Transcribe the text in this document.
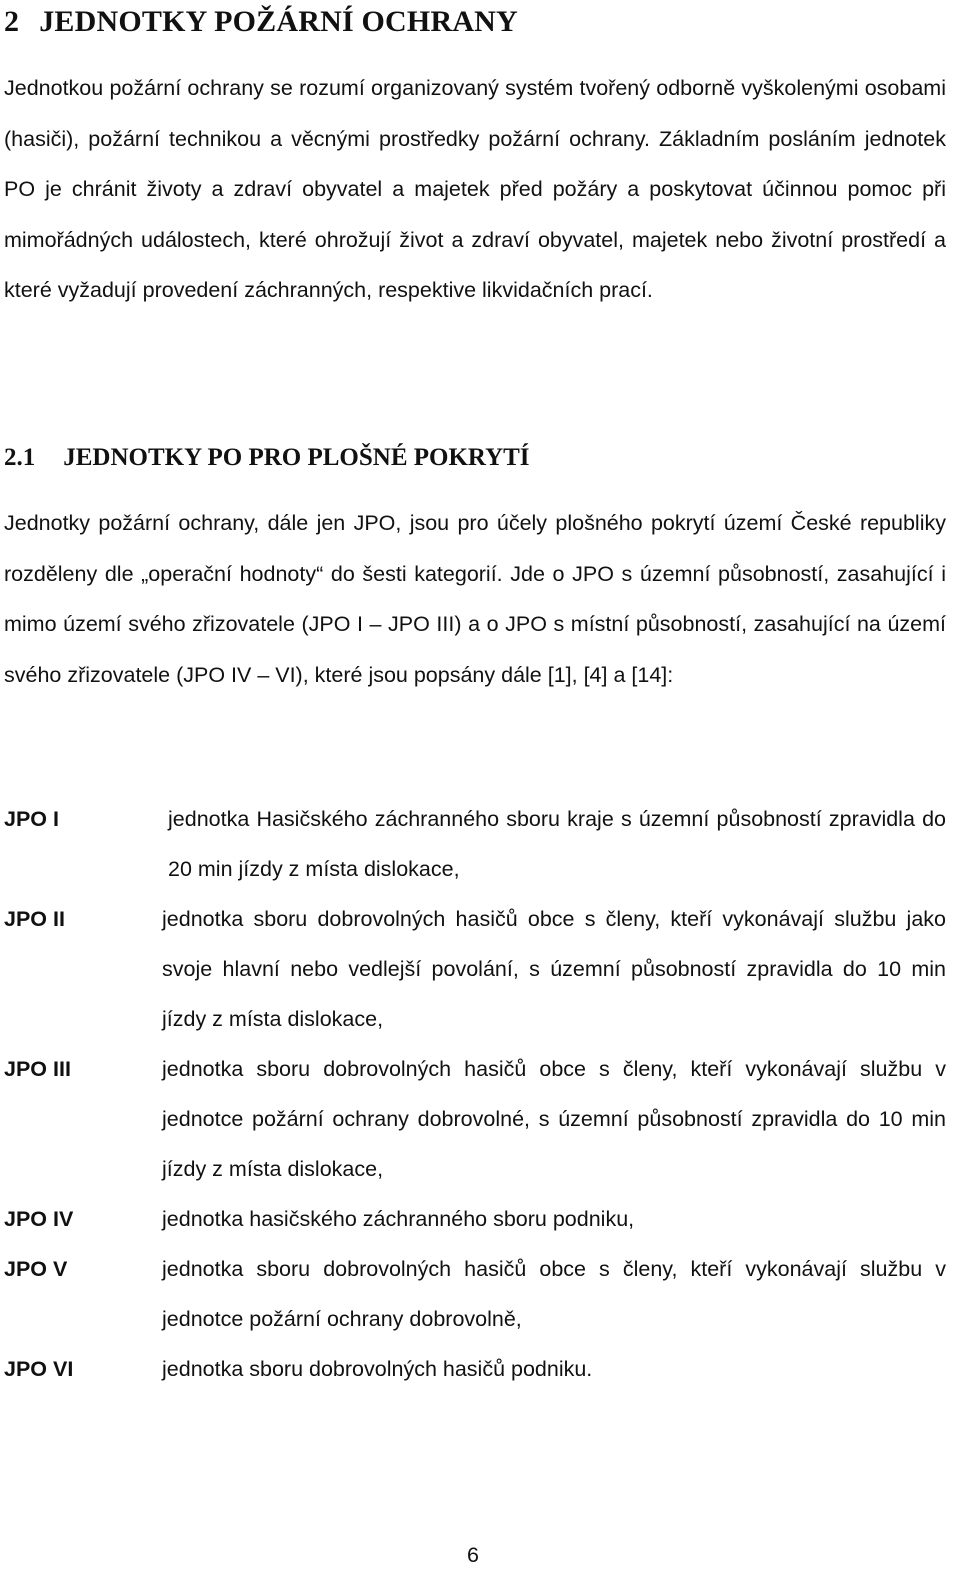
2 JEDNOTKY POŽÁRNÍ OCHRANY

Jednotkou požární ochrany se rozumí organizovaný systém tvořený odborně vyškolenými osobami (hasiči), požární technikou a věcnými prostředky požární ochrany. Základním posláním jednotek PO je chránit životy a zdraví obyvatel a majetek před požáry a poskytovat účinnou pomoc při mimořádných událostech, které ohrožují život a zdraví obyvatel, majetek nebo životní prostředí a které vyžadují provedení záchranných, respektive likvidačních prací.

2.1 JEDNOTKY PO PRO PLOŠNÉ POKRYTÍ

Jednotky požární ochrany, dále jen JPO, jsou pro účely plošného pokrytí území České republiky rozděleny dle „operační hodnoty“ do šesti kategorií. Jde o JPO s územní působností, zasahující i mimo území svého zřizovatele (JPO I – JPO III) a o JPO s místní působností, zasahující na území svého zřizovatele (JPO IV – VI), které jsou popsány dále [1], [4] a [14]:

JPO I	jednotka Hasičského záchranného sboru kraje s územní působností zpravidla do 20 min jízdy z místa dislokace,
JPO II	jednotka sboru dobrovolných hasičů obce s členy, kteří vykonávají službu jako svoje hlavní nebo vedlejší povolání, s územní působností zpravidla do 10 min jízdy z místa dislokace,
JPO III	jednotka sboru dobrovolných hasičů obce s členy, kteří vykonávají službu v jednotce požární ochrany dobrovolné, s územní působností zpravidla do 10 min jízdy z místa dislokace,
JPO IV	jednotka hasičského záchranného sboru podniku,
JPO V	jednotka sboru dobrovolných hasičů obce s členy, kteří vykonávají službu v jednotce požární ochrany dobrovolně,
JPO VI	jednotka sboru dobrovolných hasičů podniku.
6
